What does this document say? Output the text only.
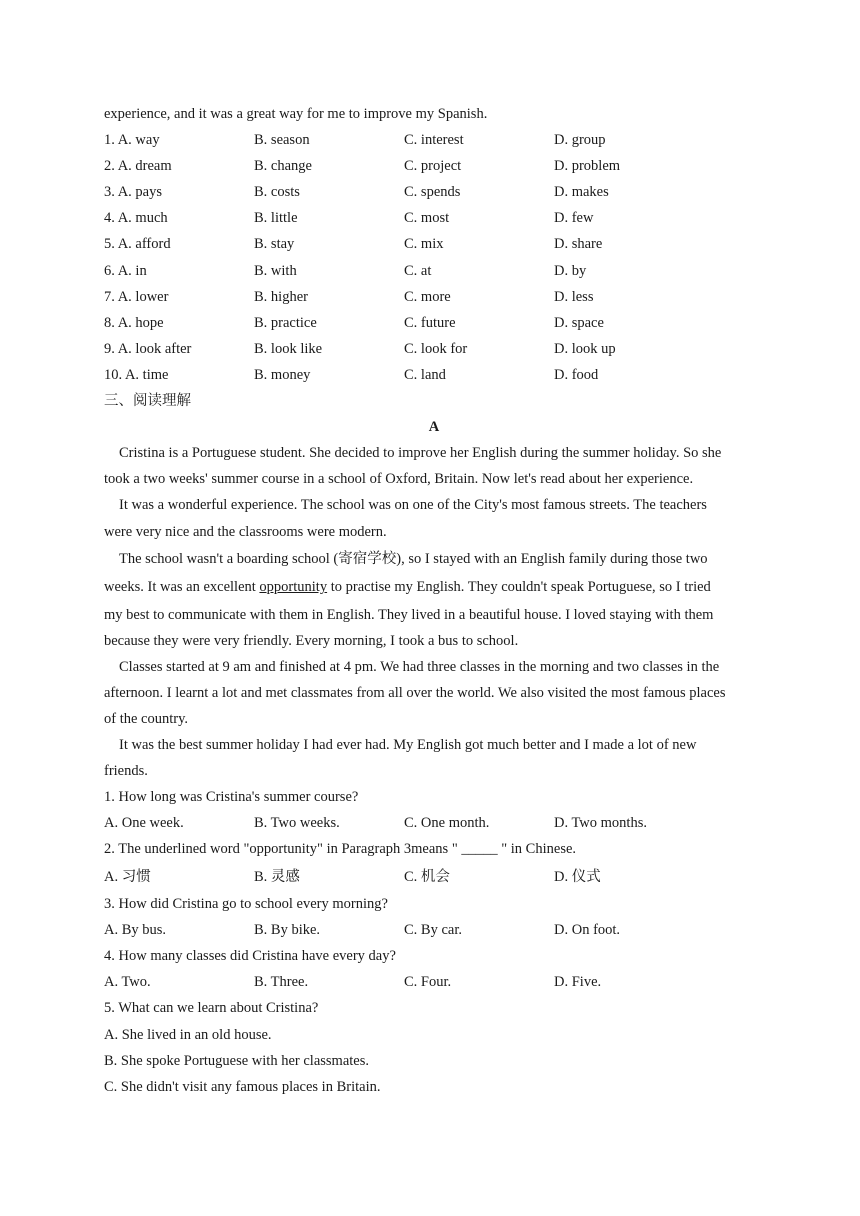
experience, and it was a great way for me to improve my Spanish.
1. A. way	B. season	C. interest	D. group
2. A. dream	B. change	C. project	D. problem
3. A. pays	B. costs	C. spends	D. makes
4. A. much	B. little	C. most	D. few
5. A. afford	B. stay	C. mix	D. share
6. A. in	B. with	C. at	D. by
7. A. lower	B. higher	C. more	D. less
8. A. hope	B. practice	C. future	D. space
9. A. look after	B. look like	C. look for	D. look up
10. A. time	B. money	C. land	D. food
三、阅读理解
A
Cristina is a Portuguese student. She decided to improve her English during the summer holiday. So she
took a two weeks' summer course in a school of Oxford, Britain. Now let's read about her experience.
It was a wonderful experience. The school was on one of the City's most famous streets. The teachers
were very nice and the classrooms were modern.
The school wasn't a boarding school (寄宿学校), so I stayed with an English family during those two
weeks. It was an excellent opportunity to practise my English. They couldn't speak Portuguese, so I tried
my best to communicate with them in English. They lived in a beautiful house. I loved staying with them
because they were very friendly. Every morning, I took a bus to school.
Classes started at 9 am and finished at 4 pm. We had three classes in the morning and two classes in the
afternoon. I learnt a lot and met classmates from all over the world. We also visited the most famous places
of the country.
It was the best summer holiday I had ever had. My English got much better and I made a lot of new
friends.
1. How long was Cristina's summer course?
A. One week.	B. Two weeks.	C. One month.	D. Two months.
2. The underlined word "opportunity" in Paragraph 3means " _____ " in Chinese.
A. 习惯	B. 灵感	C. 机会	D. 仪式
3. How did Cristina go to school every morning?
A. By bus.	B. By bike.	C. By car.	D. On foot.
4. How many classes did Cristina have every day?
A. Two.	B. Three.	C. Four.	D. Five.
5. What can we learn about Cristina?
A. She lived in an old house.
B. She spoke Portuguese with her classmates.
C. She didn't visit any famous places in Britain.
